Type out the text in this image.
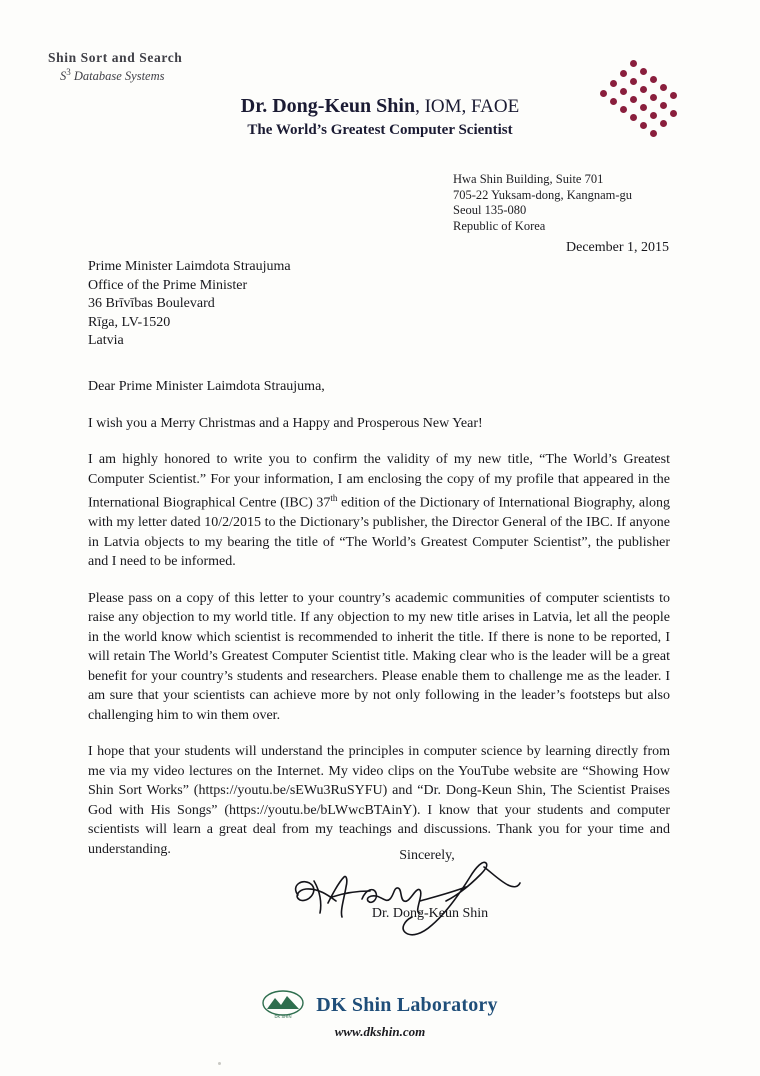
Shin Sort and Search
$S^3$ Database Systems
Dr. Dong-Keun Shin, IOM, FAOE
The World’s Greatest Computer Scientist
Hwa Shin Building, Suite 701
705-22 Yuksam-dong, Kangnam-gu
Seoul 135-080
Republic of Korea
December 1, 2015
Prime Minister Laimdota Straujuma
Office of the Prime Minister
36 Brīvības Boulevard
Rīga, LV-1520
Latvia

Dear Prime Minister Laimdota Straujuma,

I wish you a Merry Christmas and a Happy and Prosperous New Year!

I am highly honored to write you to confirm the validity of my new title, “The World’s Greatest Computer Scientist.” For your information, I am enclosing the copy of my profile that appeared in the International Biographical Centre (IBC) 37th edition of the Dictionary of International Biography, along with my letter dated 10/2/2015 to the Dictionary’s publisher, the Director General of the IBC. If anyone in Latvia objects to my bearing the title of “The World’s Greatest Computer Scientist”, the publisher and I need to be informed.

Please pass on a copy of this letter to your country’s academic communities of computer scientists to raise any objection to my world title. If any objection to my new title arises in Latvia, let all the people in the world know which scientist is recommended to inherit the title. If there is none to be reported, I will retain The World’s Greatest Computer Scientist title. Making clear who is the leader will be a great benefit for your country’s students and researchers. Please enable them to challenge me as the leader. I am sure that your scientists can achieve more by not only following in the leader’s footsteps but also challenging him to win them over.

I hope that your students will understand the principles in computer science by learning directly from me via my video lectures on the Internet. My video clips on the YouTube website are “Showing How Shin Sort Works” (https://youtu.be/sEWu3RuSYFU) and “Dr. Dong-Keun Shin, The Scientist Praises God with His Songs” (https://youtu.be/bLWwcBTAinY). I know that your students and computer scientists will learn a great deal from my teachings and discussions. Thank you for your time and understanding.	Sincerely,
Dr. Dong-Keun Shin
DK SHIN
DK Shin Laboratory
www.dkshin.com
